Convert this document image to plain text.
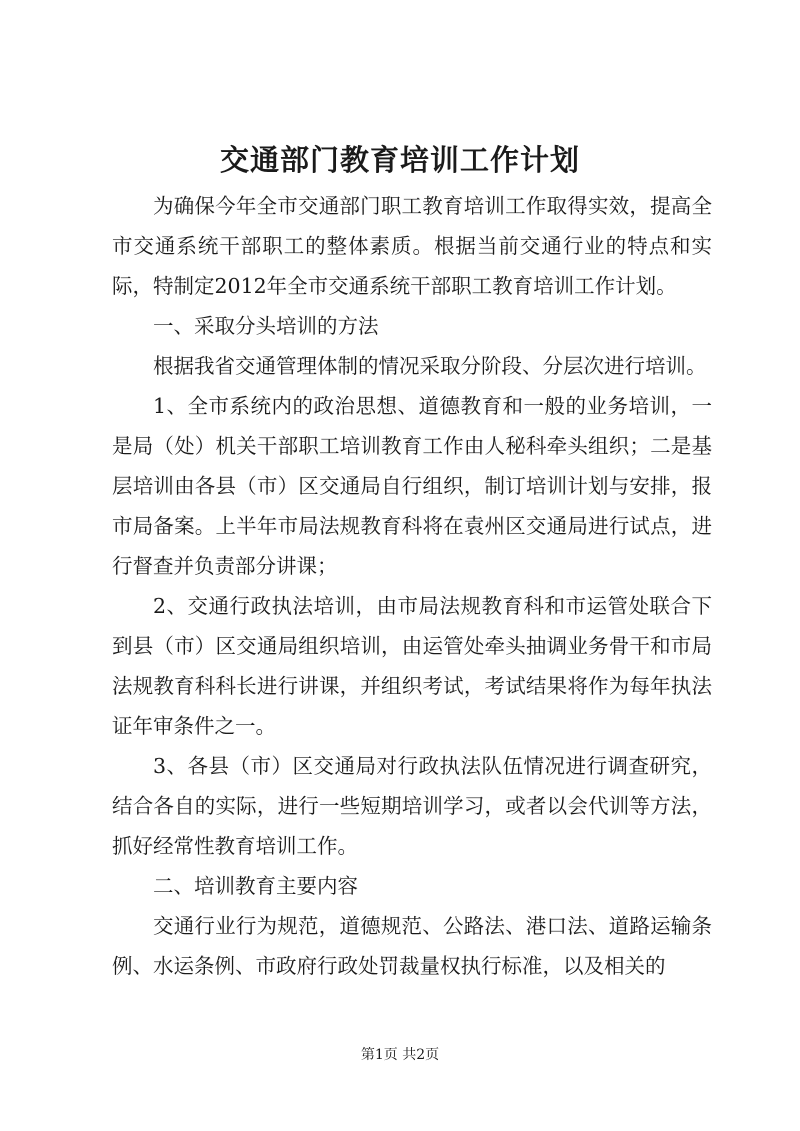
交通部门教育培训工作计划

为确保今年全市交通部门职工教育培训工作取得实效，提高全市交通系统干部职工的整体素质。根据当前交通行业的特点和实际，特制定2012年全市交通系统干部职工教育培训工作计划。

一、采取分头培训的方法

根据我省交通管理体制的情况采取分阶段、分层次进行培训。

1、全市系统内的政治思想、道德教育和一般的业务培训，一是局（处）机关干部职工培训教育工作由人秘科牵头组织；二是基层培训由各县（市）区交通局自行组织，制订培训计划与安排，报市局备案。上半年市局法规教育科将在袁州区交通局进行试点，进行督查并负责部分讲课；

2、交通行政执法培训，由市局法规教育科和市运管处联合下到县（市）区交通局组织培训，由运管处牵头抽调业务骨干和市局法规教育科科长进行讲课，并组织考试，考试结果将作为每年执法证年审条件之一。

3、各县（市）区交通局对行政执法队伍情况进行调查研究，结合各自的实际，进行一些短期培训学习，或者以会代训等方法，抓好经常性教育培训工作。

二、培训教育主要内容

交通行业行为规范，道德规范、公路法、港口法、道路运输条例、水运条例、市政府行政处罚裁量权执行标准，以及相关的

第1页 共2页
